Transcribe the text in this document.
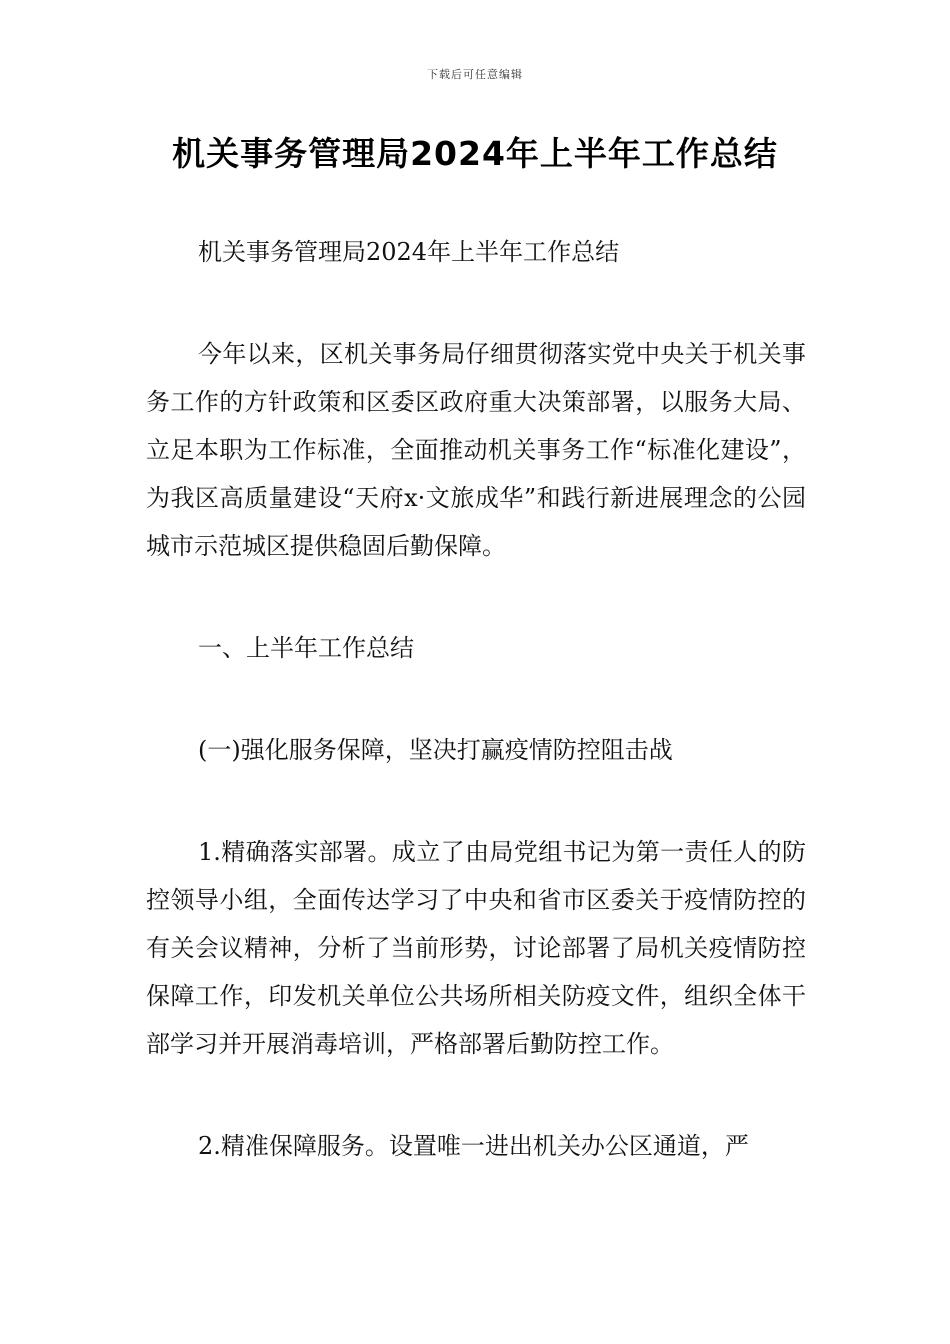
下载后可任意编辑
机关事务管理局2024年上半年工作总结

机关事务管理局2024年上半年工作总结

今年以来，区机关事务局仔细贯彻落实党中央关于机关事务工作的方针政策和区委区政府重大决策部署，以服务大局、立足本职为工作标准，全面推动机关事务工作“标准化建设”，为我区高质量建设“天府x·文旅成华”和践行新进展理念的公园城市示范城区提供稳固后勤保障。

一、上半年工作总结

(一)强化服务保障，坚决打赢疫情防控阻击战

1.精确落实部署。成立了由局党组书记为第一责任人的防控领导小组，全面传达学习了中央和省市区委关于疫情防控的有关会议精神，分析了当前形势，讨论部署了局机关疫情防控保障工作，印发机关单位公共场所相关防疫文件，组织全体干部学习并开展消毒培训，严格部署后勤防控工作。

2.精准保障服务。设置唯一进出机关办公区通道，严
